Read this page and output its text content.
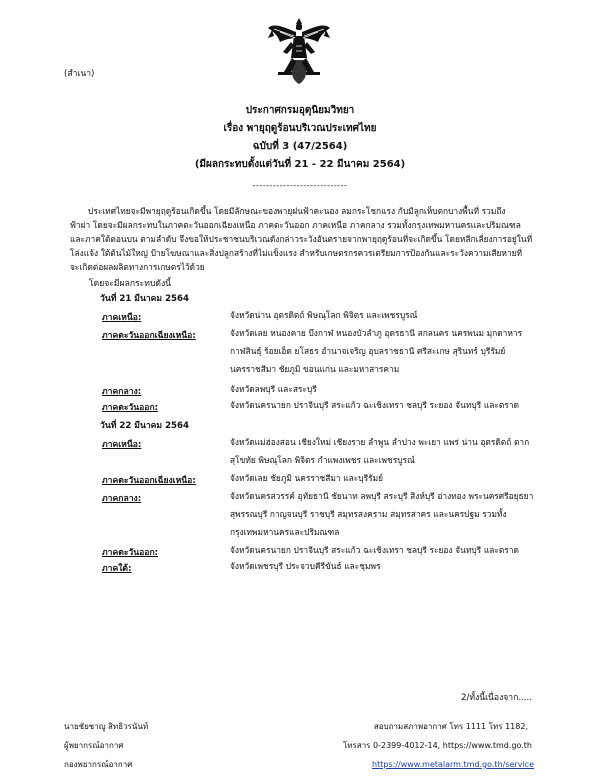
(สำเนา)
ประกาศกรมอุตุนิยมวิทยา
เรื่อง พายุฤดูร้อนบริเวณประเทศไทย
ฉบับที่ 3 (47/2564)
(มีผลกระทบตั้งแต่วันที่ 21 - 22 มีนาคม 2564)
----------------------------
ประเทศไทยจะมีพายุฤดูร้อนเกิดขึ้น โดยมีลักษณะของพายุฝนฟ้าคะนอง ลมกระโชกแรง กับมีลูกเห็บตกบางพื้นที่ รวมถึง
ฟ้าผ่า โดยจะมีผลกระทบในภาคตะวันออกเฉียงเหนือ ภาคตะวันออก ภาคเหนือ ภาคกลาง รวมทั้งกรุงเทพมหานครและปริมณฑล
และภาคใต้ตอนบน ตามลำดับ จึงขอให้ประชาชนบริเวณดังกล่าวระวังอันตรายจากพายุฤดูร้อนที่จะเกิดขึ้น โดยหลีกเลี่ยงการอยู่ในที่
โล่งแจ้ง ใต้ต้นไม้ใหญ่ ป้ายโฆษณาและสิ่งปลูกสร้างที่ไม่แข็งแรง สำหรับเกษตรกรควรเตรียมการป้องกันและระวังความเสียหายที่
จะเกิดต่อผลผลิตทางการเกษตรไว้ด้วย
โดยจะมีผลกระทบดังนี้
วันที่ 21 มีนาคม 2564
ภาคเหนือ:	จังหวัดน่าน อุตรดิตถ์ พิษณุโลก พิจิตร และเพชรบูรณ์
ภาคตะวันออกเฉียงเหนือ:	จังหวัดเลย หนองคาย บึงกาฬ หนองบัวลำภู อุดรธานี สกลนคร นครพนม มุกดาหาร
กาฬสินธุ์ ร้อยเอ็ด ยโสธร อำนาจเจริญ อุบลราชธานี ศรีสะเกษ สุรินทร์ บุรีรัมย์
นครราชสีมา ชัยภูมิ ขอนแก่น และมหาสารคาม
ภาคกลาง:	จังหวัดลพบุรี และสระบุรี
ภาคตะวันออก:	จังหวัดนครนายก ปราจีนบุรี สระแก้ว ฉะเชิงเทรา ชลบุรี ระยอง จันทบุรี และตราด
วันที่ 22 มีนาคม 2564
ภาคเหนือ:	จังหวัดแม่ฮ่องสอน เชียงใหม่ เชียงราย ลำพูน ลำปาง พะเยา แพร่ น่าน อุตรดิตถ์ ตาก
สุโขทัย พิษณุโลก พิจิตร กำแพงเพชร และเพชรบูรณ์
ภาคตะวันออกเฉียงเหนือ:	จังหวัดเลย ชัยภูมิ นครราชสีมา และบุรีรัมย์
ภาคกลาง:	จังหวัดนครสวรรค์ อุทัยธานี ชัยนาท ลพบุรี สระบุรี สิงห์บุรี อ่างทอง พระนครศรีอยุธยา
สุพรรณบุรี กาญจนบุรี ราชบุรี สมุทรสงคราม สมุทรสาคร และนครปฐม รวมทั้ง
กรุงเทพมหานครและปริมณฑล
ภาคตะวันออก:	จังหวัดนครนายก ปราจีนบุรี สระแก้ว ฉะเชิงเทรา ชลบุรี ระยอง จันทบุรี และตราด
ภาคใต้:	จังหวัดเพชรบุรี ประจวบคีรีขันธ์ และชุมพร
2/ทั้งนี้เนื่องจาก.....
นายชัยชาญู สิทธิวรนันท์
ผู้พยากรณ์อากาศ
กองพยากรณ์อากาศ
สอบถามสภาพอากาศ โทร 1111 โทร 1182,
โทรสาร 0-2399-4012-14, https://www.tmd.go.th
https://www.metalarm.tmd.go.th/service
